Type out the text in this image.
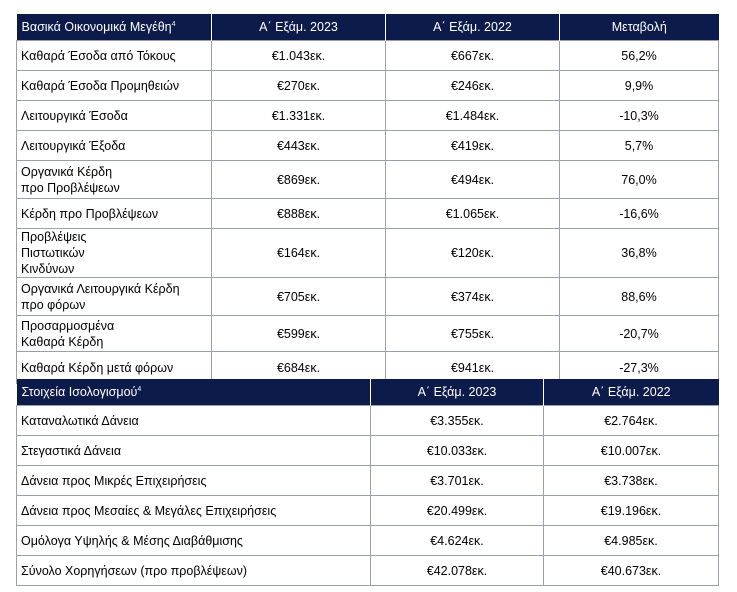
Βασικά Οικονομικά Μεγέθη$^4$	Α΄ Εξάμ. 2023	Α΄ Εξάμ. 2022	Μεταβολή
Καθαρά Έσοδα από Τόκους	€1.043εκ.	€667εκ.	56,2%
Καθαρά Έσοδα Προμηθειών	€270εκ.	€246εκ.	9,9%
Λειτουργικά Έσοδα	€1.331εκ.	€1.484εκ.	-10,3%
Λειτουργικά Έξοδα	€443εκ.	€419εκ.	5,7%
Οργανικά Κέρδη προ Προβλέψεων	€869εκ.	€494εκ.	76,0%
Κέρδη προ Προβλέψεων	€888εκ.	€1.065εκ.	-16,6%
Προβλέψεις Πιστωτικών Κινδύνων	€164εκ.	€120εκ.	36,8%
Οργανικά Λειτουργικά Κέρδη προ φόρων	€705εκ.	€374εκ.	88,6%
Προσαρμοσμένα Καθαρά Κέρδη	€599εκ.	€755εκ.	-20,7%
Καθαρά Κέρδη μετά φόρων	€684εκ.	€941εκ.	-27,3%
Στοιχεία Ισολογισμού$^4$	Α΄ Εξάμ. 2023	Α΄ Εξάμ. 2022
Καταναλωτικά Δάνεια	€3.355εκ.	€2.764εκ.
Στεγαστικά Δάνεια	€10.033εκ.	€10.007εκ.
Δάνεια προς Μικρές Επιχειρήσεις	€3.701εκ.	€3.738εκ.
Δάνεια προς Μεσαίες & Μεγάλες Επιχειρήσεις	€20.499εκ.	€19.196εκ.
Ομόλογα Υψηλής & Μέσης Διαβάθμισης	€4.624εκ.	€4.985εκ.
Σύνολο Χορηγήσεων (προ προβλέψεων)	€42.078εκ.	€40.673εκ.
